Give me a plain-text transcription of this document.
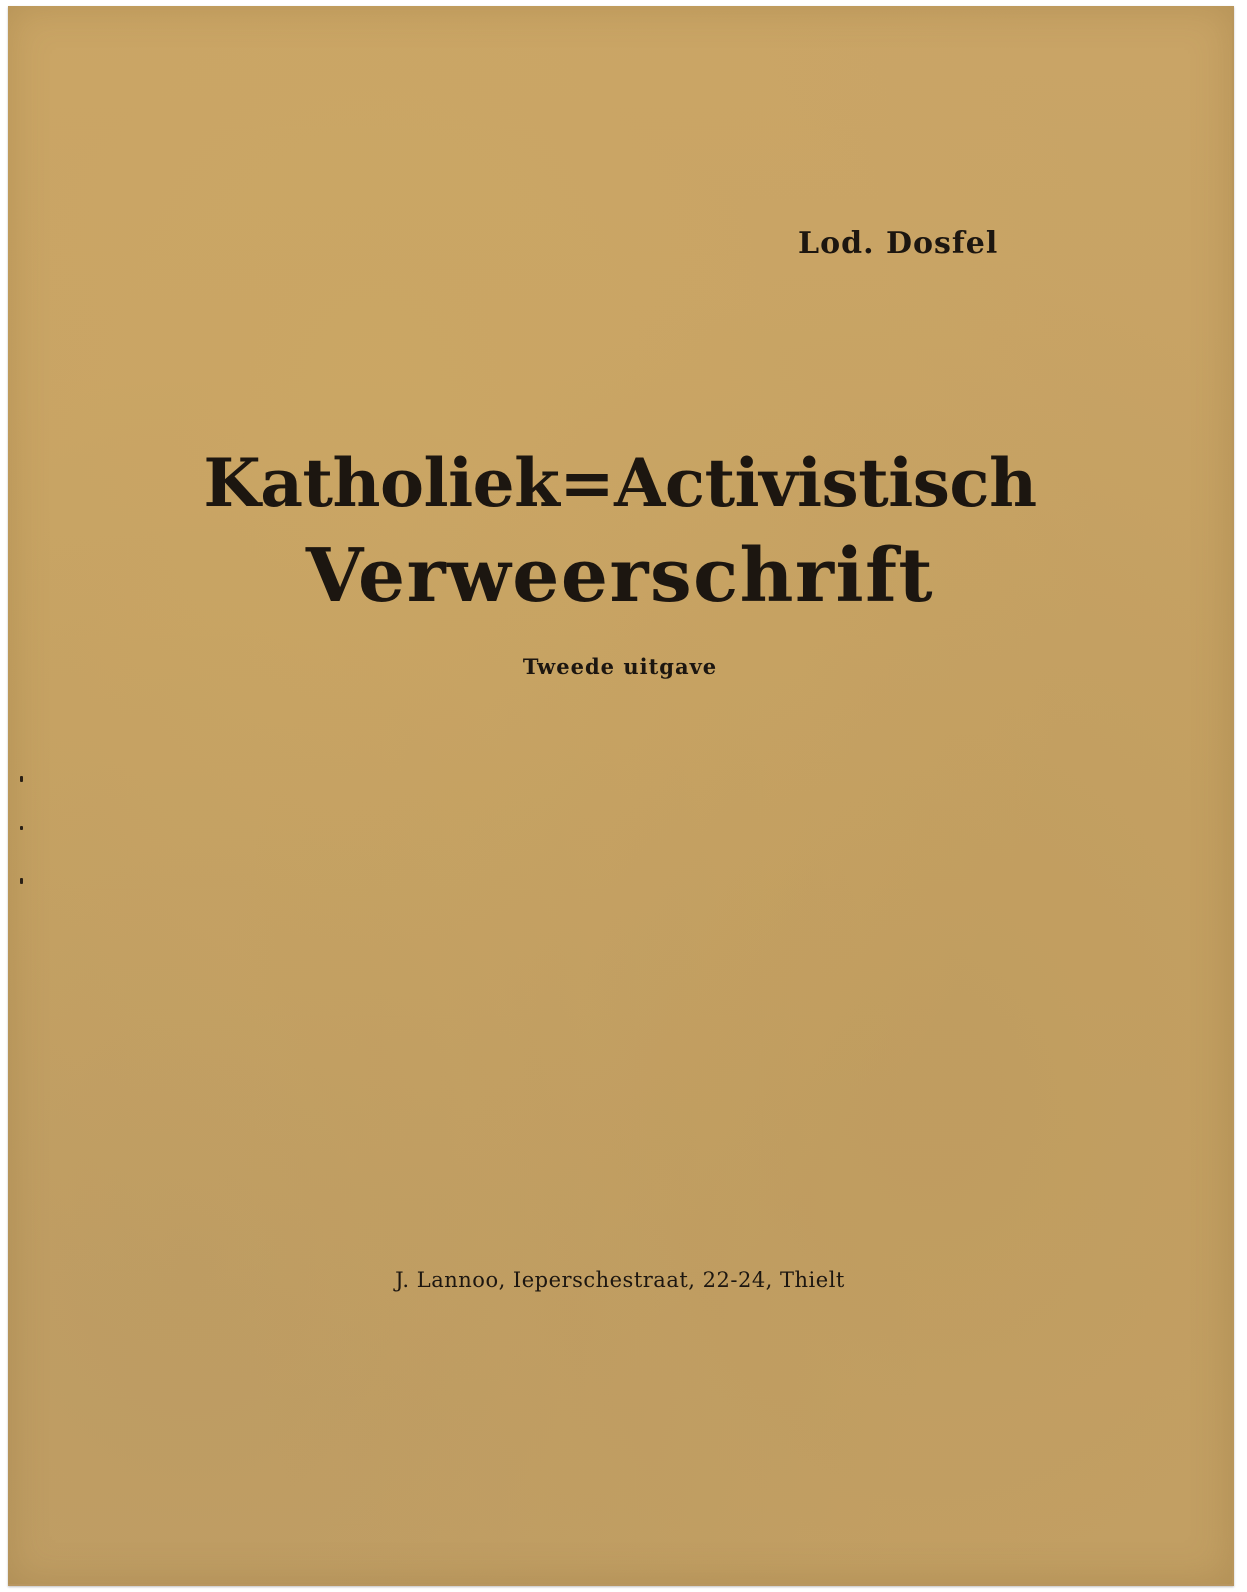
Lod. Dosfel
Katholiek=Activistisch
Verweerschrift
Tweede uitgave
J. Lannoo, Ieperschestraat, 22-24, Thielt
